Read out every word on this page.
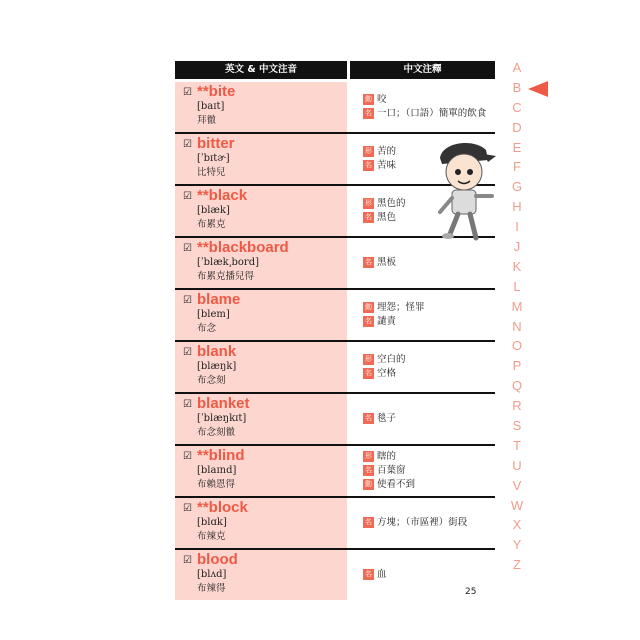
英文 & 中文注音	中文注釋
☑ **bite
[baɪt]
拜徹
動 咬
名 一口；（口語）簡單的飲食
☑ bitter
[ˈbɪtɚ]
比特兒
形 苦的
名 苦味
☑ **black
[blæk]
布累克
形 黑色的
名 黑色
☑ **blackboard
[ˈblæk͵bord]
布累克播兒得
名 黑板
☑ blame
[blem]
布念
動 埋怨；怪罪
名 譴責
☑ blank
[blæŋk]
布念刻
形 空白的
名 空格
☑ blanket
[ˈblæŋkɪt]
布念刻徹
名 毯子
☑ **blind
[blaɪnd]
布賴恩得
形 瞎的
名 百葉窗
動 使看不到
☑ **block
[blɑk]
布辣克
名 方塊；（市區裡）街段
☑ blood
[blʌd]
布辣得
名 血
A
B
C
D
E
F
G
H
I
J
K
L
M
N
O
P
Q
R
S
T
U
V
W
X
Y
Z
25
